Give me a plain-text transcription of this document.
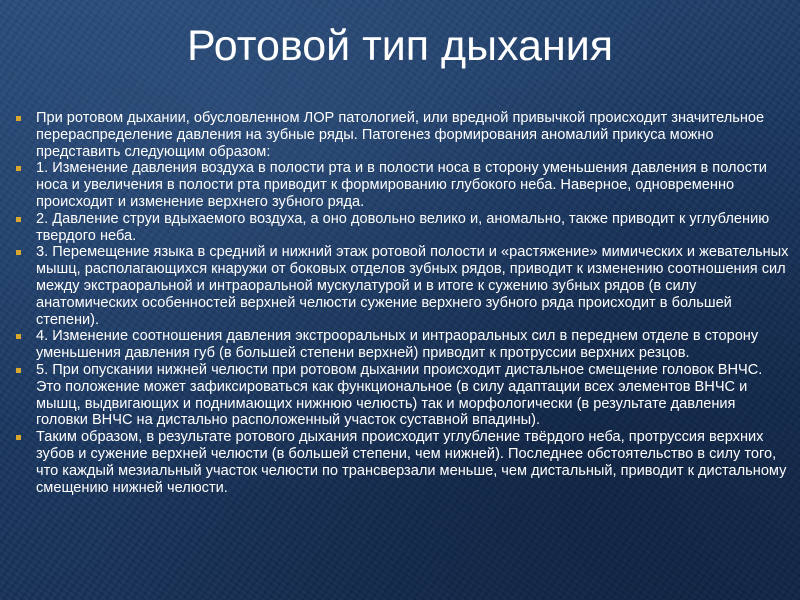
Ротовой тип дыхания
При ротовом дыхании, обусловленном ЛОР патологией, или вредной привычкой происходит значительное перераспределение давления на зубные ряды. Патогенез формирования аномалий прикуса можно представить следующим образом:
1. Изменение давления воздуха в полости рта и в полости носа в сторону уменьшения давления в полости носа и увеличения в полости рта приводит к формированию глубокого неба. Наверное, одновременно происходит и изменение верхнего зубного ряда.
2. Давление струи вдыхаемого воздуха, а оно довольно велико и, аномально, также приводит к углублению твердого неба.
3. Перемещение языка в средний и нижний этаж ротовой полости и «растяжение» мимических и жевательных мышц, располагающихся кнаружи от боковых отделов зубных рядов, приводит к изменению соотношения сил между экстраоральной и интраоральной мускулатурой и в итоге к сужению зубных рядов (в силу анатомических особенностей верхней челюсти сужение верхнего зубного ряда происходит в большей степени).
4. Изменение соотношения давления экстрооральных и интраоральных сил в переднем отделе в сторону уменьшения давления губ (в большей степени верхней) приводит к протруссии верхних резцов.
5. При опускании нижней челюсти при ротовом дыхании происходит дистальное смещение головок ВНЧС. Это положение может зафиксироваться как функциональное (в силу адаптации всех элементов ВНЧС и мышц, выдвигающих и поднимающих нижнюю челюсть) так и морфологически (в результате давления головки ВНЧС на дистально расположенный участок суставной впадины).
Таким образом, в результате ротового дыхания происходит углубление твёрдого неба, протруссия верхних зубов и сужение верхней челюсти (в большей степени, чем нижней). Последнее обстоятельство в силу того, что каждый мезиальный участок челюсти по трансверзали меньше, чем дистальный, приводит к дистальному смещению нижней челюсти.
